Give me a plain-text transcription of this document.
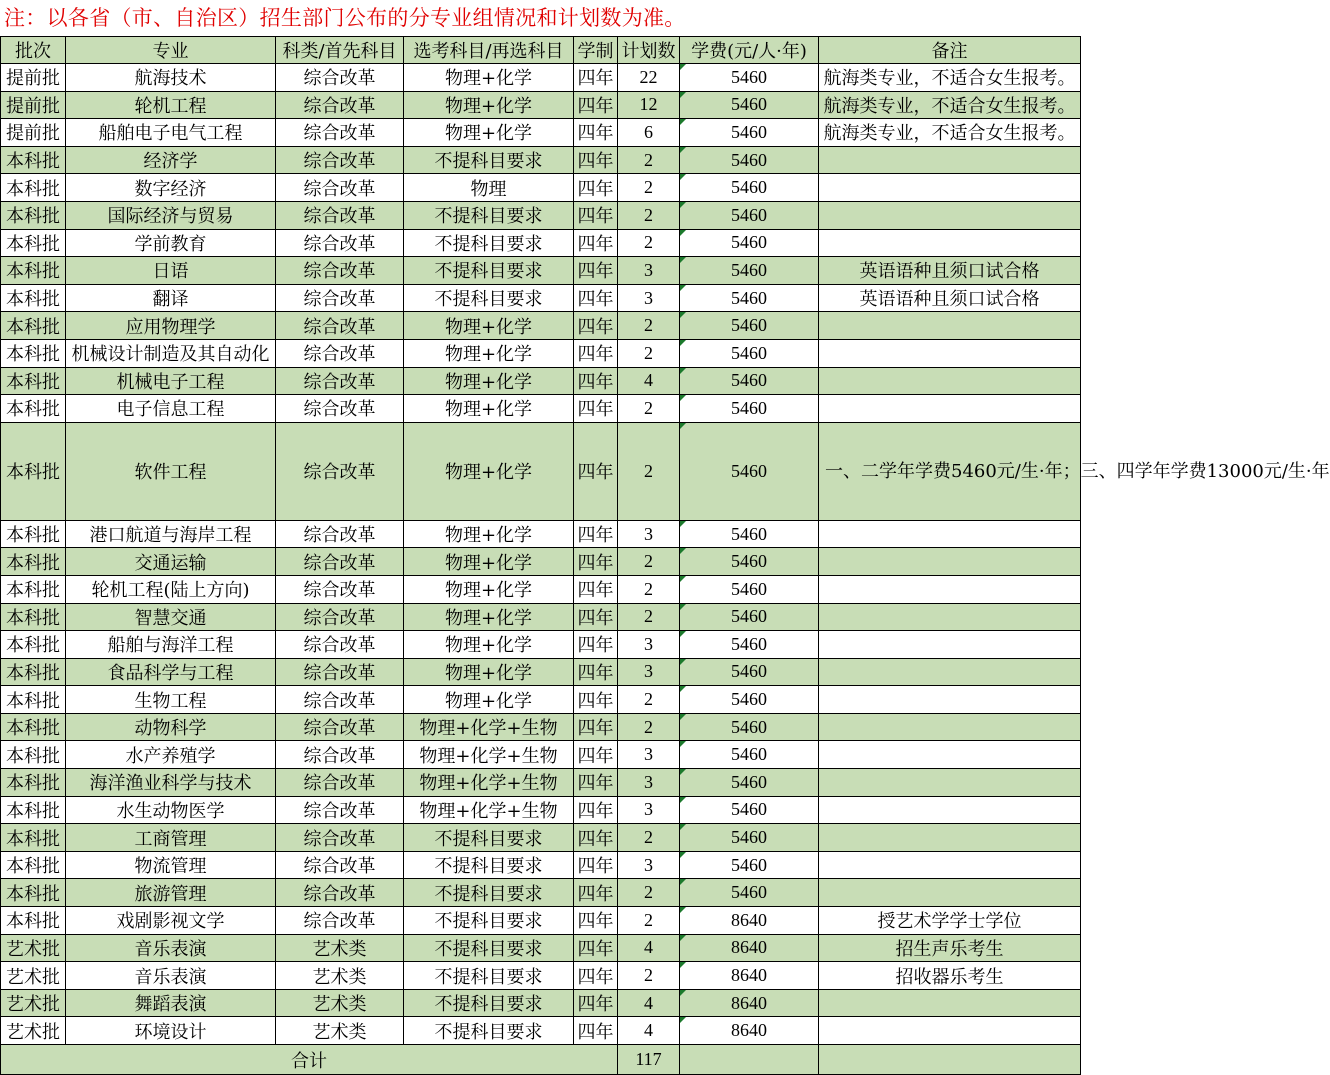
注：以各省（市、自治区）招生部门公布的分专业组情况和计划数为准。
批次	专业	科类/首先科目	选考科目/再选科目	学制	计划数	学费(元/人·年)	备注
提前批	航海技术	综合改革	物理+化学	四年	22	5460	航海类专业，不适合女生报考。
提前批	轮机工程	综合改革	物理+化学	四年	12	5460	航海类专业，不适合女生报考。
提前批	船舶电子电气工程	综合改革	物理+化学	四年	6	5460	航海类专业，不适合女生报考。
本科批	经济学	综合改革	不提科目要求	四年	2	5460	
本科批	数字经济	综合改革	物理	四年	2	5460	
本科批	国际经济与贸易	综合改革	不提科目要求	四年	2	5460	
本科批	学前教育	综合改革	不提科目要求	四年	2	5460	
本科批	日语	综合改革	不提科目要求	四年	3	5460	英语语种且须口试合格
本科批	翻译	综合改革	不提科目要求	四年	3	5460	英语语种且须口试合格
本科批	应用物理学	综合改革	物理+化学	四年	2	5460	
本科批	机械设计制造及其自动化	综合改革	物理+化学	四年	2	5460	
本科批	机械电子工程	综合改革	物理+化学	四年	4	5460	
本科批	电子信息工程	综合改革	物理+化学	四年	2	5460	
本科批	软件工程	综合改革	物理+化学	四年	2	5460	一、二学年学费5460元/生·年；三、四学年学费13000元/生·年
本科批	港口航道与海岸工程	综合改革	物理+化学	四年	3	5460	
本科批	交通运输	综合改革	物理+化学	四年	2	5460	
本科批	轮机工程(陆上方向)	综合改革	物理+化学	四年	2	5460	
本科批	智慧交通	综合改革	物理+化学	四年	2	5460	
本科批	船舶与海洋工程	综合改革	物理+化学	四年	3	5460	
本科批	食品科学与工程	综合改革	物理+化学	四年	3	5460	
本科批	生物工程	综合改革	物理+化学	四年	2	5460	
本科批	动物科学	综合改革	物理+化学+生物	四年	2	5460	
本科批	水产养殖学	综合改革	物理+化学+生物	四年	3	5460	
本科批	海洋渔业科学与技术	综合改革	物理+化学+生物	四年	3	5460	
本科批	水生动物医学	综合改革	物理+化学+生物	四年	3	5460	
本科批	工商管理	综合改革	不提科目要求	四年	2	5460	
本科批	物流管理	综合改革	不提科目要求	四年	3	5460	
本科批	旅游管理	综合改革	不提科目要求	四年	2	5460	
本科批	戏剧影视文学	综合改革	不提科目要求	四年	2	8640	授艺术学学士学位
艺术批	音乐表演	艺术类	不提科目要求	四年	4	8640	招生声乐考生
艺术批	音乐表演	艺术类	不提科目要求	四年	2	8640	招收器乐考生
艺术批	舞蹈表演	艺术类	不提科目要求	四年	4	8640	
艺术批	环境设计	艺术类	不提科目要求	四年	4	8640	
合计					117		
